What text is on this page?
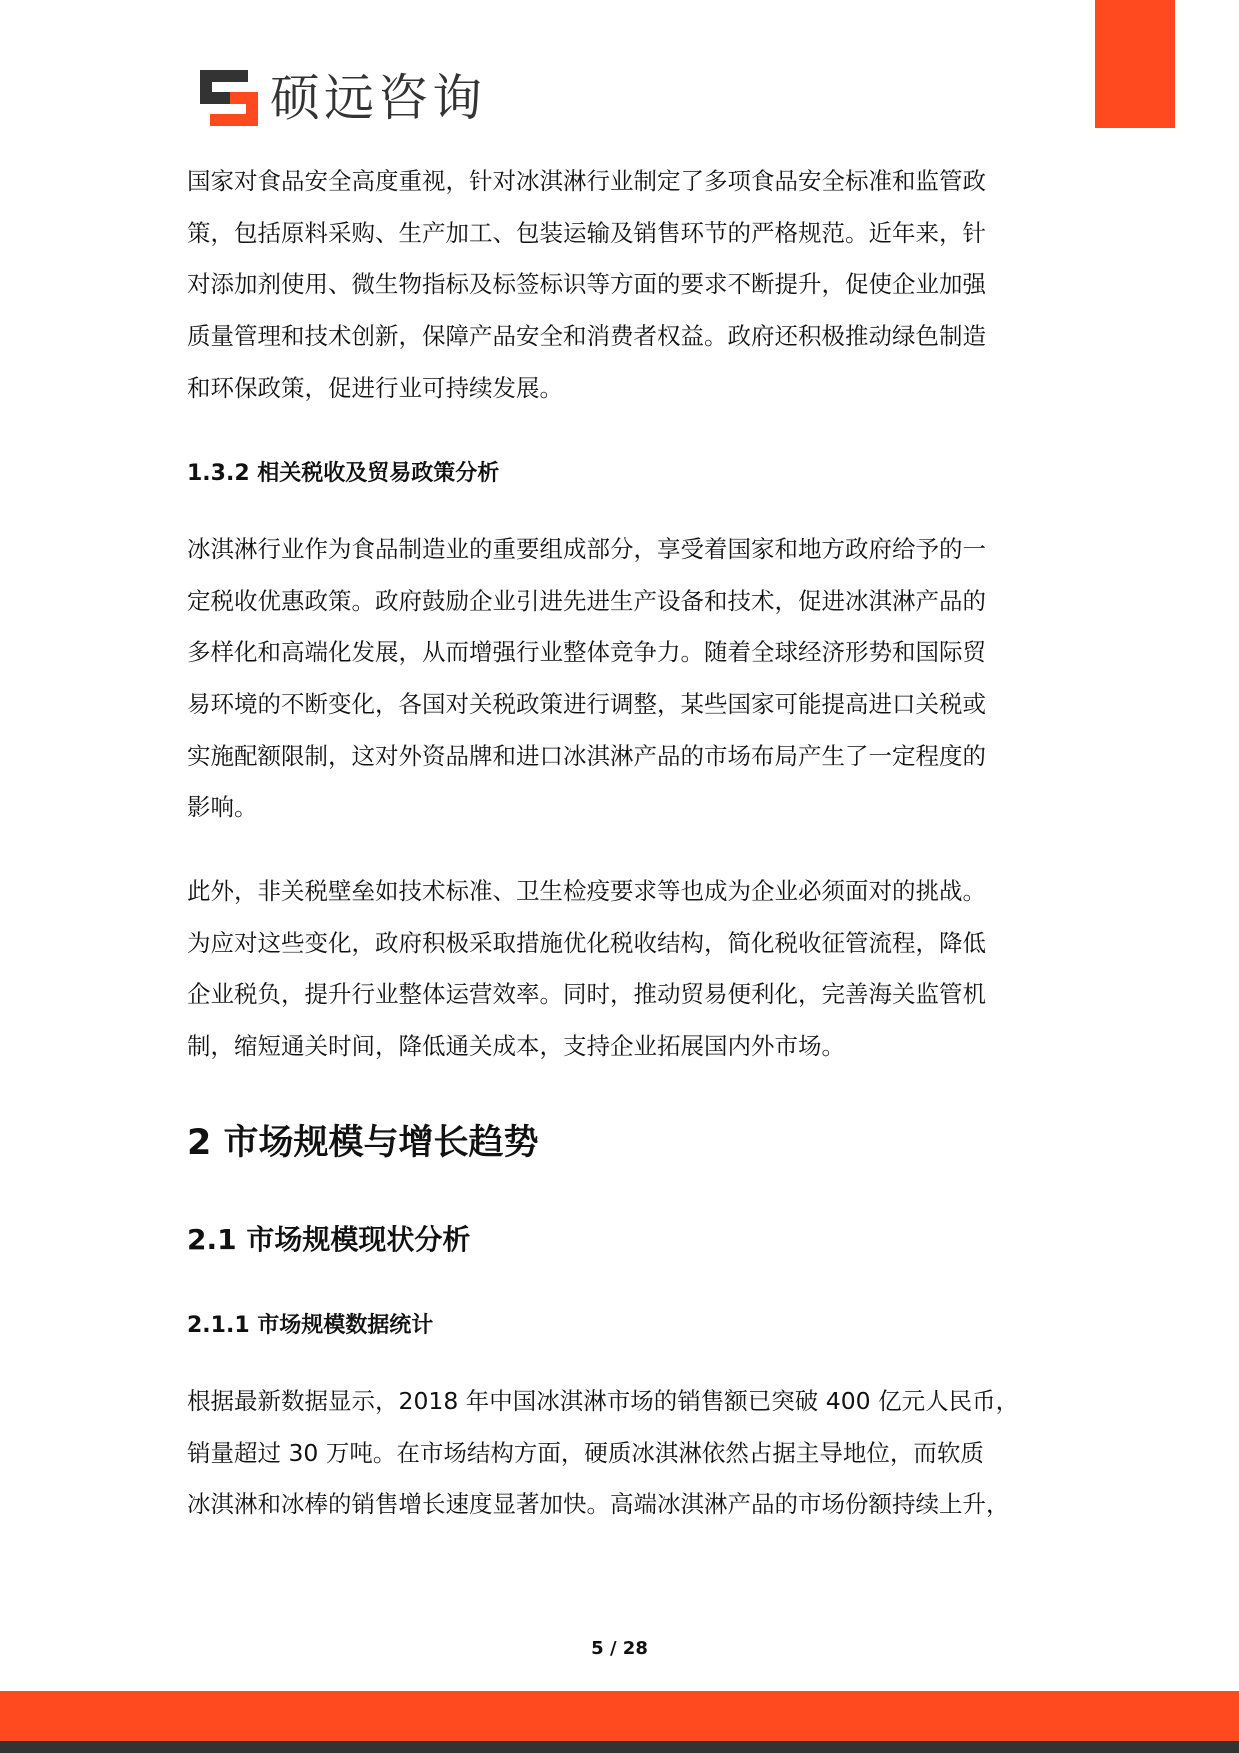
硕远咨询
国家对食品安全高度重视，针对冰淇淋行业制定了多项食品安全标准和监管政
策，包括原料采购、生产加工、包装运输及销售环节的严格规范。近年来，针
对添加剂使用、微生物指标及标签标识等方面的要求不断提升，促使企业加强
质量管理和技术创新，保障产品安全和消费者权益。政府还积极推动绿色制造
和环保政策，促进行业可持续发展。
1.3.2 相关税收及贸易政策分析
冰淇淋行业作为食品制造业的重要组成部分，享受着国家和地方政府给予的一
定税收优惠政策。政府鼓励企业引进先进生产设备和技术，促进冰淇淋产品的
多样化和高端化发展，从而增强行业整体竞争力。随着全球经济形势和国际贸
易环境的不断变化，各国对关税政策进行调整，某些国家可能提高进口关税或
实施配额限制，这对外资品牌和进口冰淇淋产品的市场布局产生了一定程度的
影响。
此外，非关税壁垒如技术标准、卫生检疫要求等也成为企业必须面对的挑战。
为应对这些变化，政府积极采取措施优化税收结构，简化税收征管流程，降低
企业税负，提升行业整体运营效率。同时，推动贸易便利化，完善海关监管机
制，缩短通关时间，降低通关成本，支持企业拓展国内外市场。
2 市场规模与增长趋势
2.1 市场规模现状分析
2.1.1 市场规模数据统计
根据最新数据显示，2018 年中国冰淇淋市场的销售额已突破 400 亿元人民币，
销量超过 30 万吨。在市场结构方面，硬质冰淇淋依然占据主导地位，而软质
冰淇淋和冰棒的销售增长速度显著加快。高端冰淇淋产品的市场份额持续上升，
5 / 28
